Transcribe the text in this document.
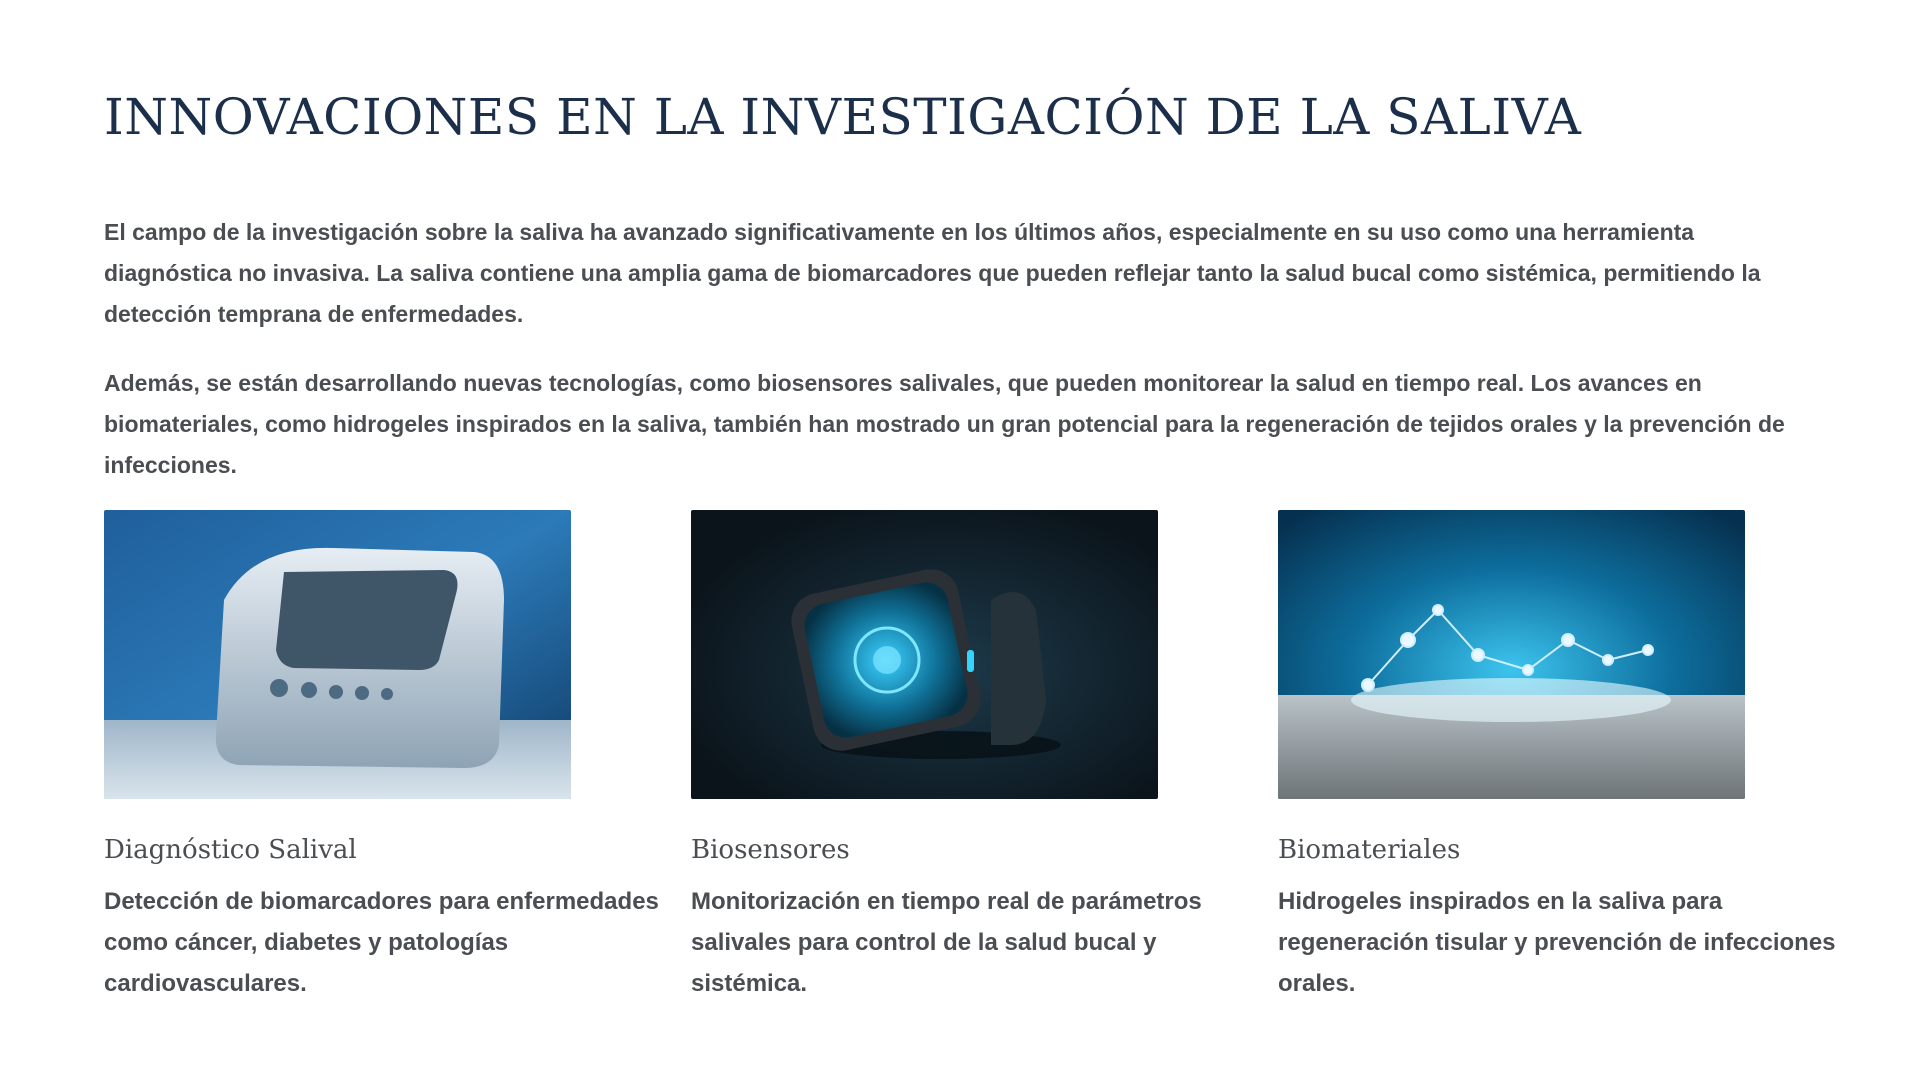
INNOVACIONES EN LA INVESTIGACIÓN DE LA SALIVA

El campo de la investigación sobre la saliva ha avanzado significativamente en los últimos años, especialmente en su uso como una herramienta diagnóstica no invasiva. La saliva contiene una amplia gama de biomarcadores que pueden reflejar tanto la salud bucal como sistémica, permitiendo la detección temprana de enfermedades.

Además, se están desarrollando nuevas tecnologías, como biosensores salivales, que pueden monitorear la salud en tiempo real. Los avances en biomateriales, como hidrogeles inspirados en la saliva, también han mostrado un gran potencial para la regeneración de tejidos orales y la prevención de infecciones.

Diagnóstico Salival

Detección de biomarcadores para enfermedades como cáncer, diabetes y patologías cardiovasculares.

Biosensores

Monitorización en tiempo real de parámetros salivales para control de la salud bucal y sistémica.

Biomateriales

Hidrogeles inspirados en la saliva para regeneración tisular y prevención de infecciones orales.
